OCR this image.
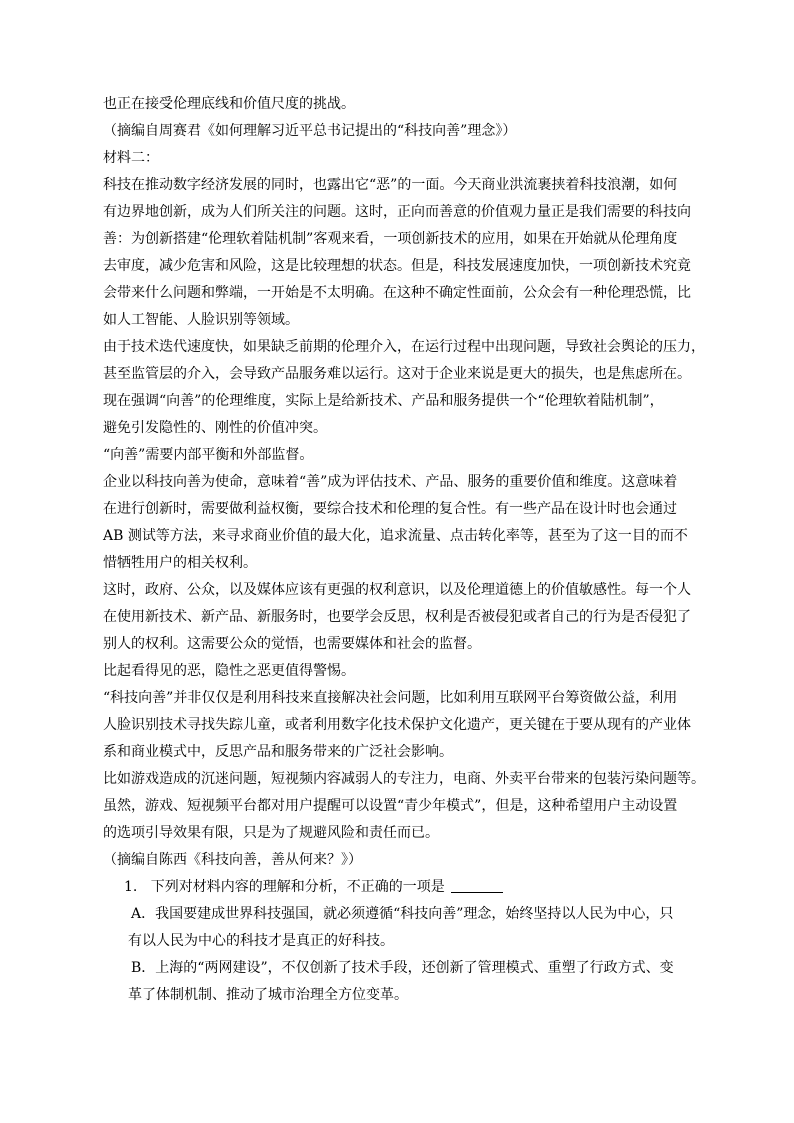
也正在接受伦理底线和价值尺度的挑战。
（摘编自周赛君《如何理解习近平总书记提出的“科技向善”理念》）
材料二：
科技在推动数字经济发展的同时，也露出它“恶”的一面。今天商业洪流裹挟着科技浪潮，如何
有边界地创新，成为人们所关注的问题。这时，正向而善意的价值观力量正是我们需要的科技向
善：为创新搭建“伦理软着陆机制”客观来看，一项创新技术的应用，如果在开始就从伦理角度
去审度，减少危害和风险，这是比较理想的状态。但是，科技发展速度加快，一项创新技术究竟
会带来什么问题和弊端，一开始是不太明确。在这种不确定性面前，公众会有一种伦理恐慌，比
如人工智能、人脸识别等领域。
由于技术迭代速度快，如果缺乏前期的伦理介入，在运行过程中出现问题，导致社会舆论的压力，
甚至监管层的介入，会导致产品服务难以运行。这对于企业来说是更大的损失，也是焦虑所在。
现在强调“向善”的伦理维度，实际上是给新技术、产品和服务提供一个“伦理软着陆机制”，
避免引发隐性的、刚性的价值冲突。
“向善”需要内部平衡和外部监督。
企业以科技向善为使命，意味着“善”成为评估技术、产品、服务的重要价值和维度。这意味着
在进行创新时，需要做利益权衡，要综合技术和伦理的复合性。有一些产品在设计时也会通过
AB 测试等方法，来寻求商业价值的最大化，追求流量、点击转化率等，甚至为了这一目的而不
惜牺牲用户的相关权利。
这时，政府、公众，以及媒体应该有更强的权利意识，以及伦理道德上的价值敏感性。每一个人
在使用新技术、新产品、新服务时，也要学会反思，权利是否被侵犯或者自己的行为是否侵犯了
别人的权利。这需要公众的觉悟，也需要媒体和社会的监督。
比起看得见的恶，隐性之恶更值得警惕。
“科技向善”并非仅仅是利用科技来直接解决社会问题，比如利用互联网平台筹资做公益，利用
人脸识别技术寻找失踪儿童，或者利用数字化技术保护文化遗产，更关键在于要从现有的产业体
系和商业模式中，反思产品和服务带来的广泛社会影响。
比如游戏造成的沉迷问题，短视频内容减弱人的专注力，电商、外卖平台带来的包装污染问题等。
虽然，游戏、短视频平台都对用户提醒可以设置“青少年模式”，但是，这种希望用户主动设置
的选项引导效果有限，只是为了规避风险和责任而已。
（摘编自陈西《科技向善，善从何来？》）
1. 下列对材料内容的理解和分析，不正确的一项是
A．我国要建成世界科技强国，就必须遵循“科技向善”理念，始终坚持以人民为中心，只
有以人民为中心的科技才是真正的好科技。
B．上海的“两网建设”，不仅创新了技术手段，还创新了管理模式、重塑了行政方式、变
革了体制机制、推动了城市治理全方位变革。
